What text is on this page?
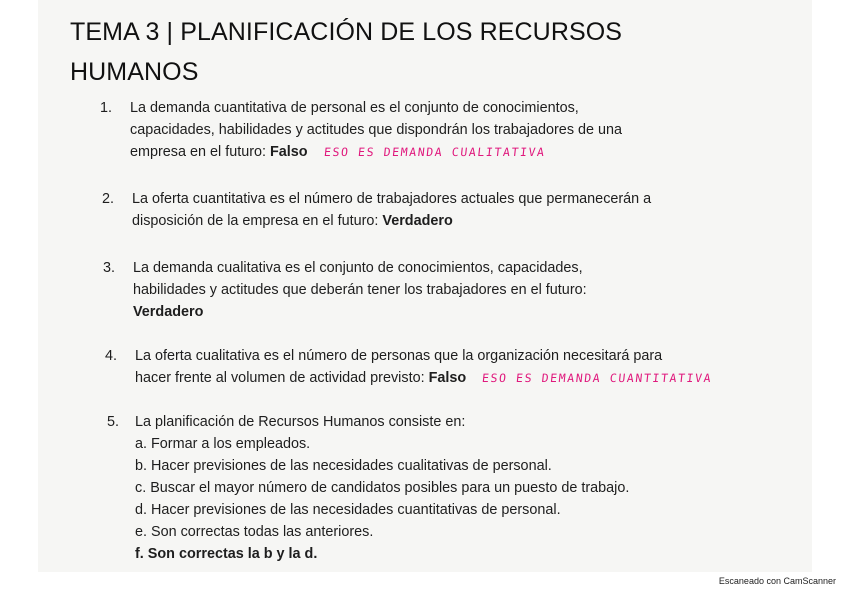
TEMA 3 | PLANIFICACIÓN DE LOS RECURSOS
HUMANOS
1.	La demanda cuantitativa de personal es el conjunto de conocimientos,
capacidades, habilidades y actitudes que dispondrán los trabajadores de una
empresa en el futuro: Falso ESO ES DEMANDA CUALITATIVA
2.	La oferta cuantitativa es el número de trabajadores actuales que permanecerán a
disposición de la empresa en el futuro: Verdadero
3.	La demanda cualitativa es el conjunto de conocimientos, capacidades,
habilidades y actitudes que deberán tener los trabajadores en el futuro:
Verdadero
4.	La oferta cualitativa es el número de personas que la organización necesitará para
hacer frente al volumen de actividad previsto: Falso ESO ES DEMANDA CUANTITATIVA
5.	La planificación de Recursos Humanos consiste en:
a. Formar a los empleados.
b. Hacer previsiones de las necesidades cualitativas de personal.
c. Buscar el mayor número de candidatos posibles para un puesto de trabajo.
d. Hacer previsiones de las necesidades cuantitativas de personal.
e. Son correctas todas las anteriores.
f. Son correctas la b y la d.
Escaneado con CamScanner
